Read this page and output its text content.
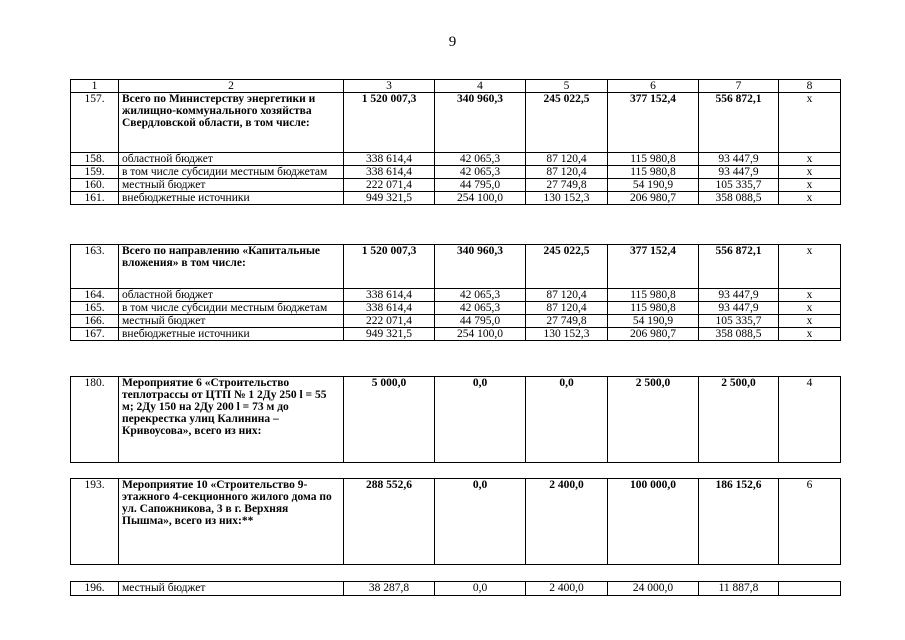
9
1	2	3	4	5	6	7	8
157.	Всего по Министерству энергетики и жилищно-коммунального хозяйства Свердловской области, в том числе:	1 520 007,3	340 960,3	245 022,5	377 152,4	556 872,1	х
158.	областной бюджет	338 614,4	42 065,3	87 120,4	115 980,8	93 447,9	х
159.	в том числе субсидии местным бюджетам	338 614,4	42 065,3	87 120,4	115 980,8	93 447,9	х
160.	местный бюджет	222 071,4	44 795,0	27 749,8	54 190,9	105 335,7	х
161.	внебюджетные источники	949 321,5	254 100,0	130 152,3	206 980,7	358 088,5	х
163.	Всего по направлению «Капитальные вложения» в том числе:	1 520 007,3	340 960,3	245 022,5	377 152,4	556 872,1	х
164.	областной бюджет	338 614,4	42 065,3	87 120,4	115 980,8	93 447,9	х
165.	в том числе субсидии местным бюджетам	338 614,4	42 065,3	87 120,4	115 980,8	93 447,9	х
166.	местный бюджет	222 071,4	44 795,0	27 749,8	54 190,9	105 335,7	х
167.	внебюджетные источники	949 321,5	254 100,0	130 152,3	206 980,7	358 088,5	х
180.	Мероприятие 6 «Строительство теплотрассы от ЦТП № 1 2Ду 250 l = 55 м; 2Ду 150 на 2Ду 200 l = 73 м до перекрестка улиц Калинина – Кривоусова», всего из них:	5 000,0	0,0	0,0	2 500,0	2 500,0	4
193.	Мероприятие 10 «Строительство 9-этажного 4-секционного жилого дома по ул. Сапожникова, 3 в г. Верхняя Пышма», всего из них:**	288 552,6	0,0	2 400,0	100 000,0	186 152,6	6
196.	местный бюджет	38 287,8	0,0	2 400,0	24 000,0	11 887,8	
